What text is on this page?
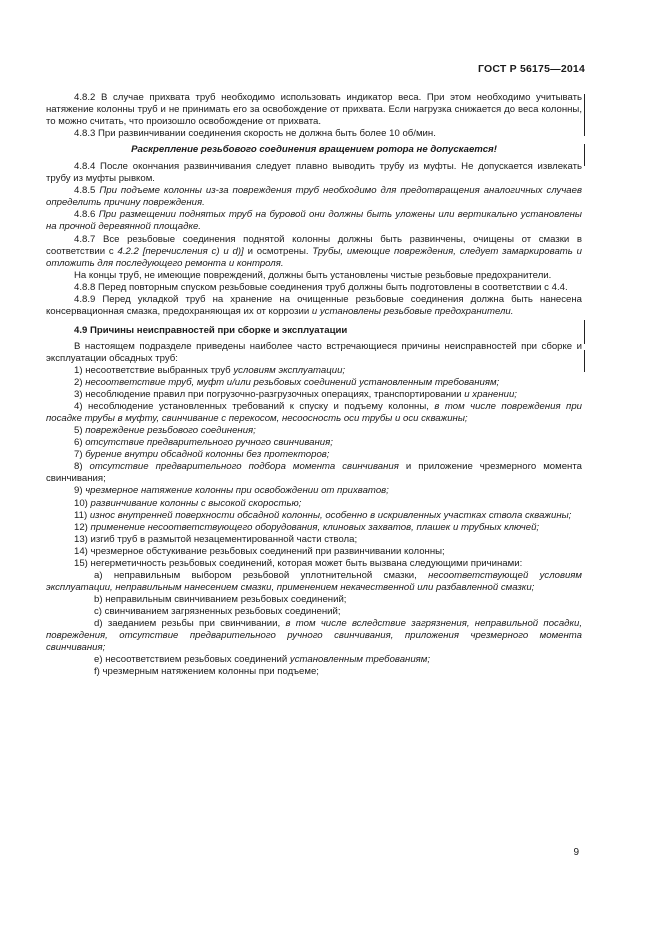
ГОСТ Р 56175—2014

4.8.2 В случае прихвата труб необходимо использовать индикатор веса. При этом необходимо учитывать натяжение колонны труб и не принимать его за освобождение от прихвата. Если нагрузка снижается до веса колонны, то можно считать, что произошло освобождение от прихвата.

4.8.3 При развинчивании соединения скорость не должна быть более 10 об/мин.

Раскрепление резьбового соединения вращением ротора не допускается!

4.8.4 После окончания развинчивания следует плавно выводить трубу из муфты. Не допускается извлекать трубу из муфты рывком.

4.8.5 При подъеме колонны из-за повреждения труб необходимо для предотвращения аналогичных случаев определить причину повреждения.

4.8.6 При размещении поднятых труб на буровой они должны быть уложены или вертикально установлены на прочной деревянной площадке.

4.8.7 Все резьбовые соединения поднятой колонны должны быть развинчены, очищены от смазки в соответствии с 4.2.2 [перечисления с) и d)] и осмотрены. Трубы, имеющие повреждения, следует замаркировать и отложить для последующего ремонта и контроля.

На концы труб, не имеющие повреждений, должны быть установлены чистые резьбовые предохранители.

4.8.8 Перед повторным спуском резьбовые соединения труб должны быть подготовлены в соответствии с 4.4.

4.8.9 Перед укладкой труб на хранение на очищенные резьбовые соединения должна быть нанесена консервационная смазка, предохраняющая их от коррозии и установлены резьбовые предохранители.

4.9 Причины неисправностей при сборке и эксплуатации

В настоящем подразделе приведены наиболее часто встречающиеся причины неисправностей при сборке и эксплуатации обсадных труб:

1) несоответствие выбранных труб условиям эксплуатации;

2) несоответствие труб, муфт и/или резьбовых соединений установленным требованиям;

3) несоблюдение правил при погрузочно-разгрузочных операциях, транспортировании и хранении;

4) несоблюдение установленных требований к спуску и подъему колонны, в том числе повреждения при посадке трубы в муфту, свинчивание с перекосом, несоосность оси трубы и оси скважины;

5) повреждение резьбового соединения;

6) отсутствие предварительного ручного свинчивания;

7) бурение внутри обсадной колонны без протекторов;

8) отсутствие предварительного подбора момента свинчивания и приложение чрезмерного момента свинчивания;

9) чрезмерное натяжение колонны при освобождении от прихватов;

10) развинчивание колонны с высокой скоростью;

11) износ внутренней поверхности обсадной колонны, особенно в искривленных участках ствола скважины;

12) применение несоответствующего оборудования, клиновых захватов, плашек и трубных ключей;

13) изгиб труб в размытой незацементированной части ствола;

14) чрезмерное обстукивание резьбовых соединений при развинчивании колонны;

15) негерметичность резьбовых соединений, которая может быть вызвана следующими причинами:

a) неправильным выбором резьбовой уплотнительной смазки, несоответствующей условиям эксплуатации, неправильным нанесением смазки, применением некачественной или разбавленной смазки;

b) неправильным свинчиванием резьбовых соединений;

c) свинчиванием загрязненных резьбовых соединений;

d) заеданием резьбы при свинчивании, в том числе вследствие загрязнения, неправильной посадки, повреждения, отсутствие предварительного ручного свинчивания, приложения чрезмерного момента свинчивания;

e) несоответствием резьбовых соединений установленным требованиям;

f) чрезмерным натяжением колонны при подъеме;

9
